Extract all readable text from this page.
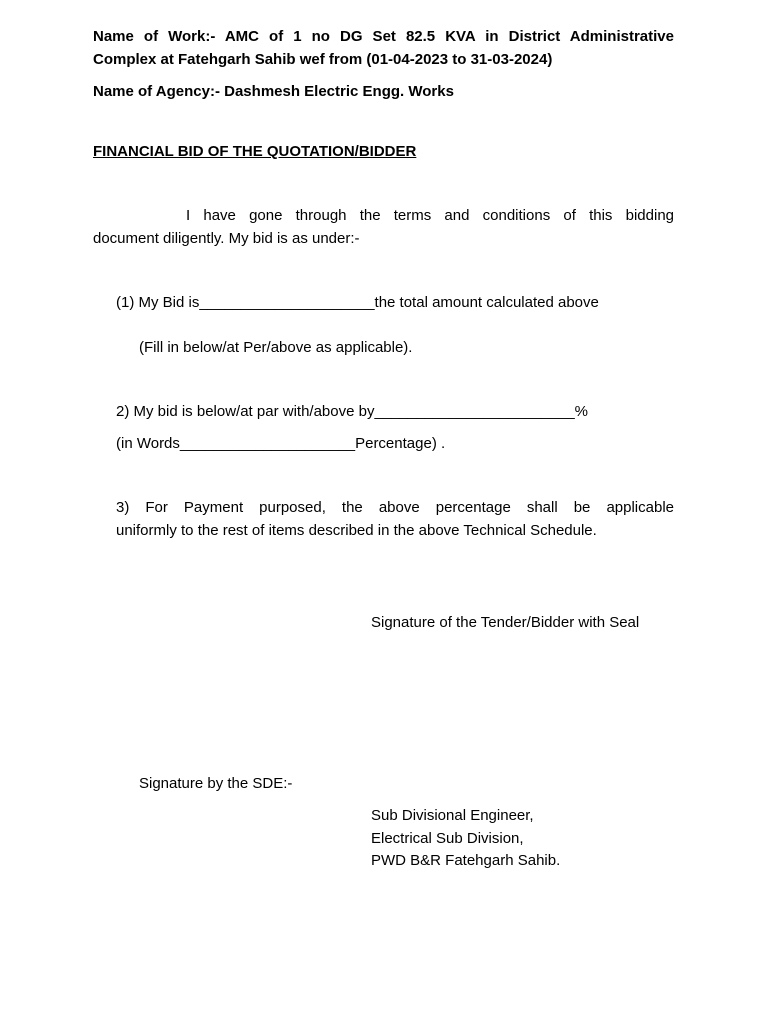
Name of Work:- AMC of 1 no DG Set 82.5 KVA in District Administrative
Complex at Fatehgarh Sahib wef from (01-04-2023 to 31-03-2024)
Name of Agency:- Dashmesh Electric Engg. Works
FINANCIAL BID OF THE QUOTATION/BIDDER
I have gone through the terms and conditions of this bidding
document diligently. My bid is as under:-
(1) My Bid is_____________________the total amount calculated above
(Fill in below/at Per/above as applicable).
2) My bid is below/at par with/above by________________________%
(in Words_____________________Percentage) .
3) For Payment purposed, the above percentage shall be applicable
uniformly to the rest of items described in the above Technical Schedule.
Signature of the Tender/Bidder with Seal
Signature by the SDE:-
Sub Divisional Engineer,
Electrical Sub Division,
PWD B&R Fatehgarh Sahib.
